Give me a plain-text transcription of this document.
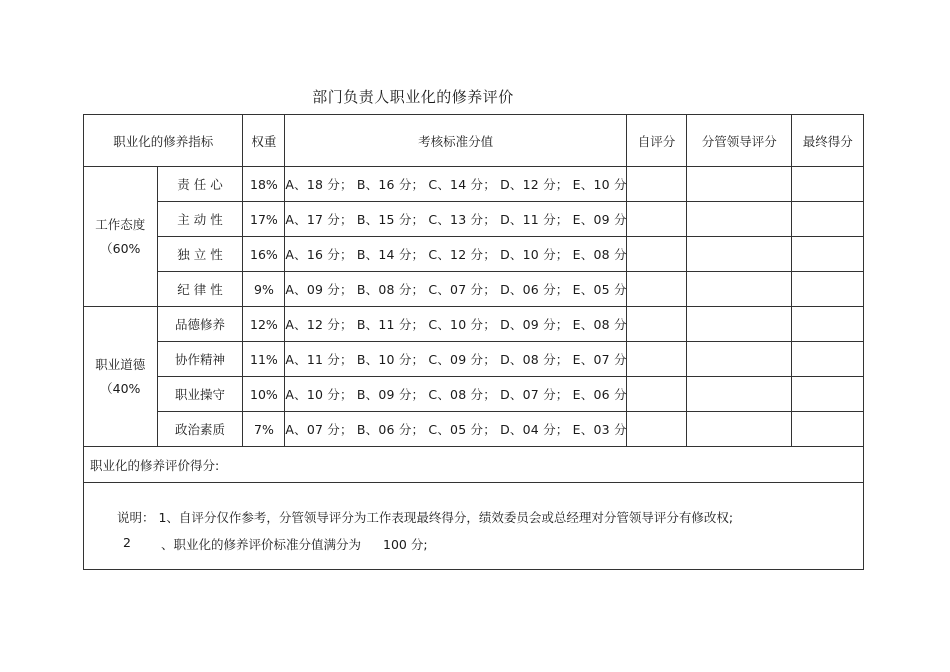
部门负责人职业化的修养评价
职业化的修养指标		权重	考核标准分值	自评分	分管领导评分	最终得分

工作态度
（60%	责 任 心	18%	A、18 分； B、16 分； C、14 分； D、12 分； E、10 分			
	主 动 性	17%	A、17 分； B、15 分； C、13 分； D、11 分； E、09 分			
	独 立 性	16%	A、16 分； B、14 分； C、12 分； D、10 分； E、08 分			
	纪 律 性	9%	A、09 分； B、08 分； C、07 分； D、06 分； E、05 分			

职业道德
（40%	品德修养	12%	A、12 分； B、11 分； C、10 分； D、09 分； E、08 分			
	协作精神	11%	A、11 分； B、10 分； C、09 分； D、08 分； E、07 分			
	职业操守	10%	A、10 分； B、09 分； C、08 分； D、07 分； E、06 分			
	政治素质	7%	A、07 分； B、06 分； C、05 分； D、04 分； E、03 分			
职业化的修养评价得分:						

说明： 1、自评分仅作参考，分管领导评分为工作表现最终得分，绩效委员会或总经理对分管领导评分有修改权;
2 、职业化的修养评价标准分值满分为 100 分;
